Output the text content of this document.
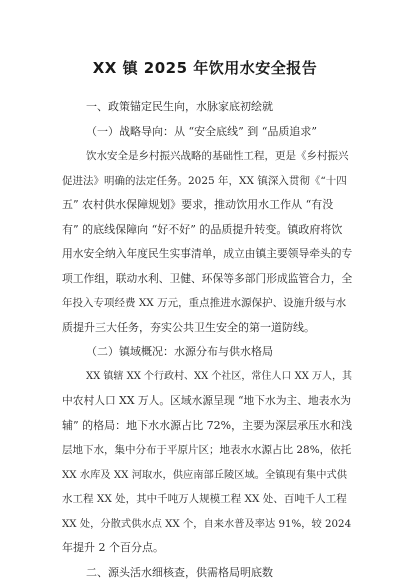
XX 镇 2025 年饮用水安全报告
一、政策锚定民生向，水脉家底初绘就
（一）战略导向：从 “安全底线” 到 “品质追求”
饮水安全是乡村振兴战略的基础性工程，更是《乡村振兴
促进法》明确的法定任务。2025 年，XX 镇深入贯彻《“十四
五” 农村供水保障规划》要求，推动饮用水工作从 “有没
有” 的底线保障向 “好不好” 的品质提升转变。镇政府将饮
用水安全纳入年度民生实事清单，成立由镇主要领导牵头的专
项工作组，联动水利、卫健、环保等多部门形成监管合力，全
年投入专项经费 XX 万元，重点推进水源保护、设施升级与水
质提升三大任务，夯实公共卫生安全的第一道防线。
（二）镇域概况：水源分布与供水格局
XX 镇辖 XX 个行政村、XX 个社区，常住人口 XX 万人，其
中农村人口 XX 万人。区域水源呈现 “地下水为主、地表水为
辅” 的格局：地下水水源占比 72%，主要为深层承压水和浅
层地下水，集中分布于平原片区；地表水水源占比 28%，依托
XX 水库及 XX 河取水，供应南部丘陵区域。全镇现有集中式供
水工程 XX 处，其中千吨万人规模工程 XX 处、百吨千人工程
XX 处，分散式供水点 XX 个，自来水普及率达 91%，较 2024
年提升 2 个百分点。
二、源头活水细核查，供需格局明底数
